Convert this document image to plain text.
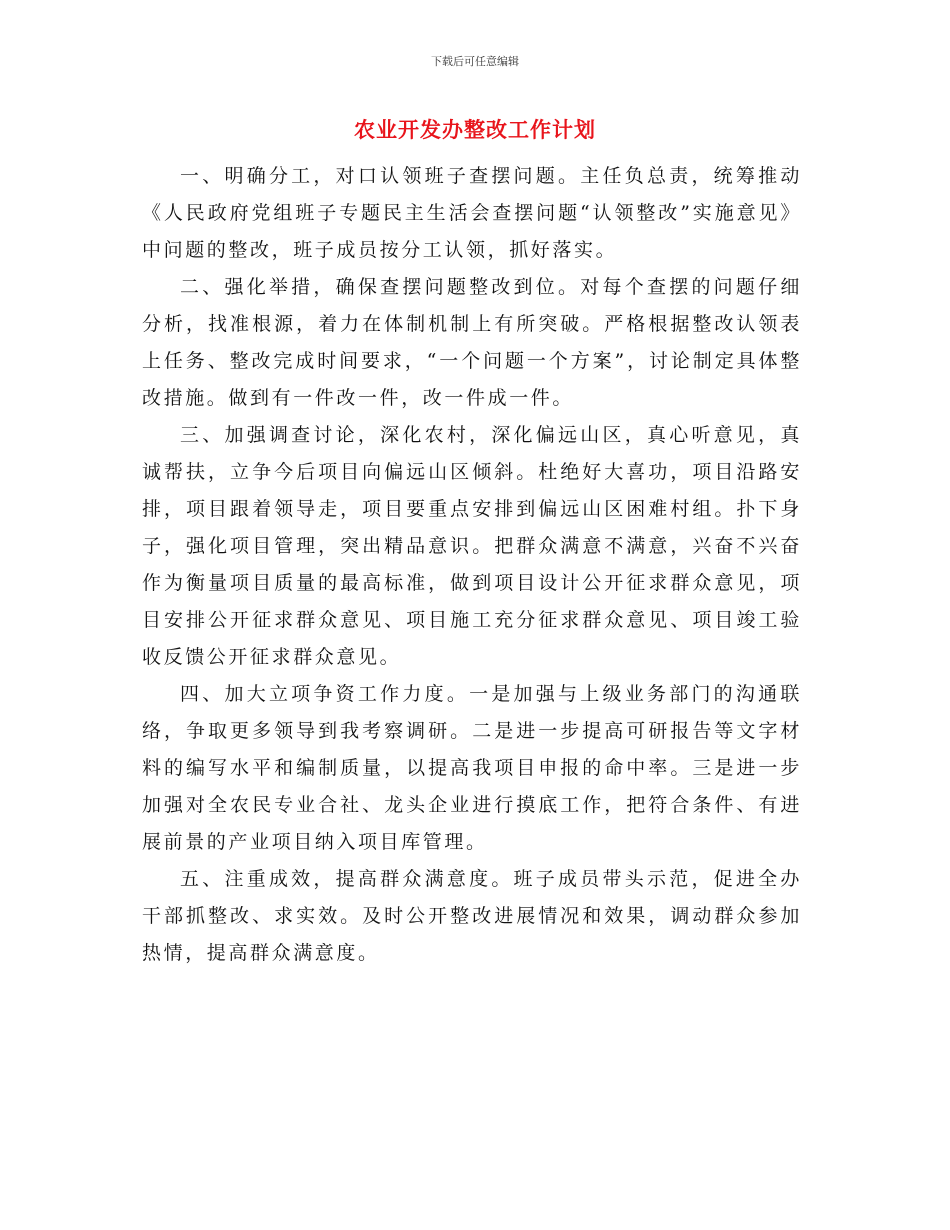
下载后可任意编辑
农业开发办整改工作计划

一、明确分工，对口认领班子查摆问题。主任负总责，统筹推动《人民政府党组班子专题民主生活会查摆问题“认领整改”实施意见》中问题的整改，班子成员按分工认领，抓好落实。

二、强化举措，确保查摆问题整改到位。对每个查摆的问题仔细分析，找准根源，着力在体制机制上有所突破。严格根据整改认领表上任务、整改完成时间要求，“一个问题一个方案”，讨论制定具体整改措施。做到有一件改一件，改一件成一件。

三、加强调查讨论，深化农村，深化偏远山区，真心听意见，真诚帮扶，立争今后项目向偏远山区倾斜。杜绝好大喜功，项目沿路安排，项目跟着领导走，项目要重点安排到偏远山区困难村组。扑下身子，强化项目管理，突出精品意识。把群众满意不满意，兴奋不兴奋作为衡量项目质量的最高标准，做到项目设计公开征求群众意见，项目安排公开征求群众意见、项目施工充分征求群众意见、项目竣工验收反馈公开征求群众意见。

四、加大立项争资工作力度。一是加强与上级业务部门的沟通联络，争取更多领导到我考察调研。二是进一步提高可研报告等文字材料的编写水平和编制质量，以提高我项目申报的命中率。三是进一步加强对全农民专业合社、龙头企业进行摸底工作，把符合条件、有进展前景的产业项目纳入项目库管理。

五、注重成效，提高群众满意度。班子成员带头示范，促进全办干部抓整改、求实效。及时公开整改进展情况和效果，调动群众参加热情，提高群众满意度。
